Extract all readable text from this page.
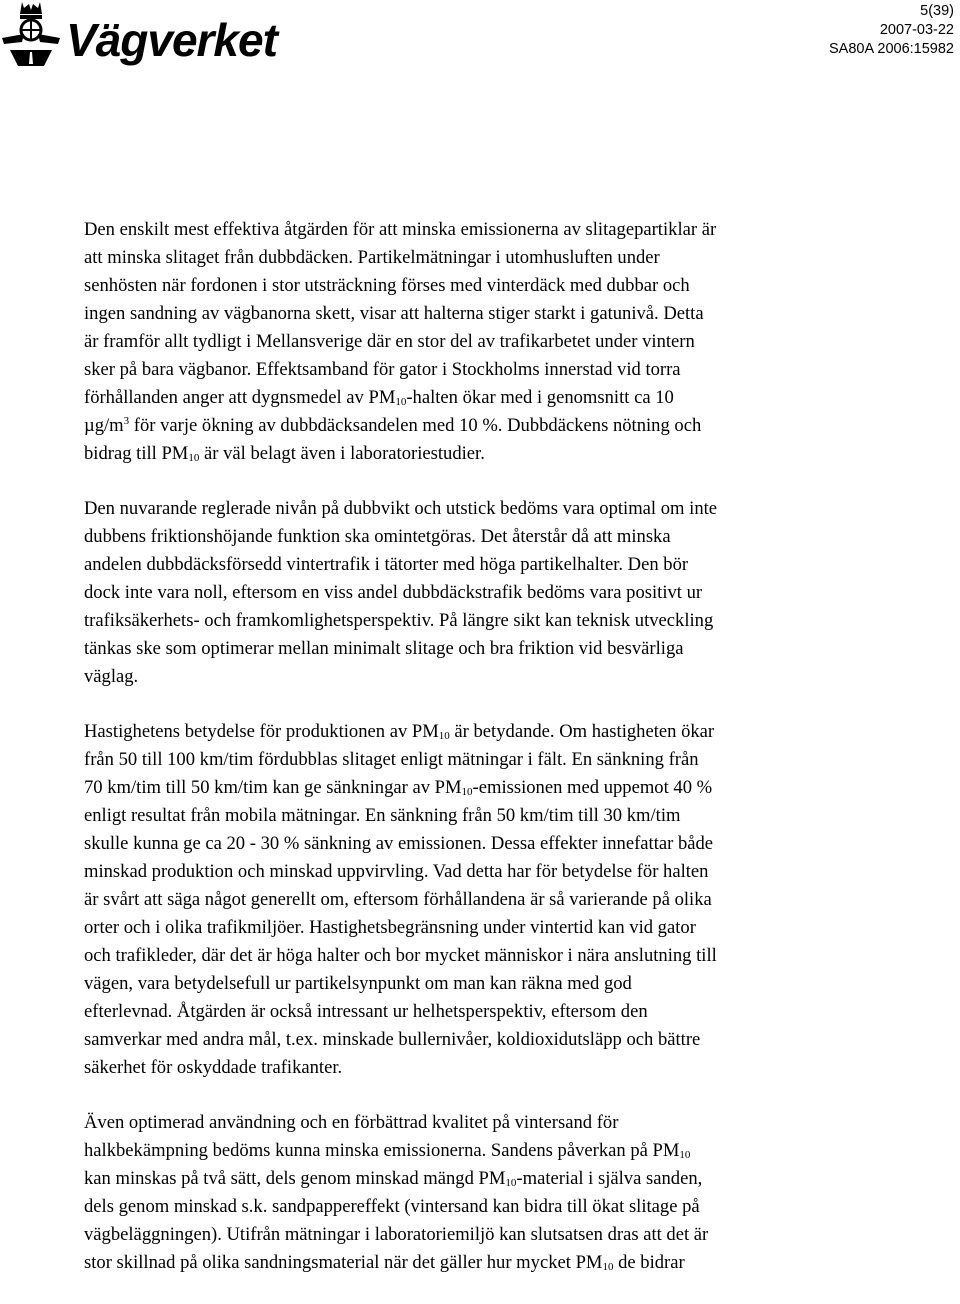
Vägverket
5(39)
2007-03-22
SA80A 2006:15982

Den enskilt mest effektiva åtgärden för att minska emissionerna av slitagepartiklar är
att minska slitaget från dubbdäcken. Partikelmätningar i utomhusluften under
senhösten när fordonen i stor utsträckning förses med vinterdäck med dubbar och
ingen sandning av vägbanorna skett, visar att halterna stiger starkt i gatunivå. Detta
är framför allt tydligt i Mellansverige där en stor del av trafikarbetet under vintern
sker på bara vägbanor. Effektsamband för gator i Stockholms innerstad vid torra
förhållanden anger att dygnsmedel av $PM_{10}$-halten ökar med i genomsnitt ca 10
$\mu g/m^3$ för varje ökning av dubbdäcksandelen med 10 %. Dubbdäckens nötning och
bidrag till $PM_{10}$ är väl belagt även i laboratoriestudier.

Den nuvarande reglerade nivån på dubbvikt och utstick bedöms vara optimal om inte
dubbens friktionshöjande funktion ska omintetgöras. Det återstår då att minska
andelen dubbdäcksförsedd vintertrafik i tätorter med höga partikelhalter. Den bör
dock inte vara noll, eftersom en viss andel dubbdäckstrafik bedöms vara positivt ur
trafiksäkerhets- och framkomlighetsperspektiv. På längre sikt kan teknisk utveckling
tänkas ske som optimerar mellan minimalt slitage och bra friktion vid besvärliga
väglag.

Hastighetens betydelse för produktionen av $PM_{10}$ är betydande. Om hastigheten ökar
från 50 till 100 km/tim fördubblas slitaget enligt mätningar i fält. En sänkning från
70 km/tim till 50 km/tim kan ge sänkningar av $PM_{10}$-emissionen med uppemot 40 %
enligt resultat från mobila mätningar. En sänkning från 50 km/tim till 30 km/tim
skulle kunna ge ca 20 - 30 % sänkning av emissionen. Dessa effekter innefattar både
minskad produktion och minskad uppvirvling. Vad detta har för betydelse för halten
är svårt att säga något generellt om, eftersom förhållandena är så varierande på olika
orter och i olika trafikmiljöer. Hastighetsbegränsning under vintertid kan vid gator
och trafikleder, där det är höga halter och bor mycket människor i nära anslutning till
vägen, vara betydelsefull ur partikelsynpunkt om man kan räkna med god
efterlevnad. Åtgärden är också intressant ur helhetsperspektiv, eftersom den
samverkar med andra mål, t.ex. minskade bullernivåer, koldioxidutsläpp och bättre
säkerhet för oskyddade trafikanter.

Även optimerad användning och en förbättrad kvalitet på vintersand för
halkbekämpning bedöms kunna minska emissionerna. Sandens påverkan på $PM_{10}$
kan minskas på två sätt, dels genom minskad mängd $PM_{10}$-material i själva sanden,
dels genom minskad s.k. sandpappereffekt (vintersand kan bidra till ökat slitage på
vägbeläggningen). Utifrån mätningar i laboratoriemiljö kan slutsatsen dras att det är
stor skillnad på olika sandningsmaterial när det gäller hur mycket $PM_{10}$ de bidrar
